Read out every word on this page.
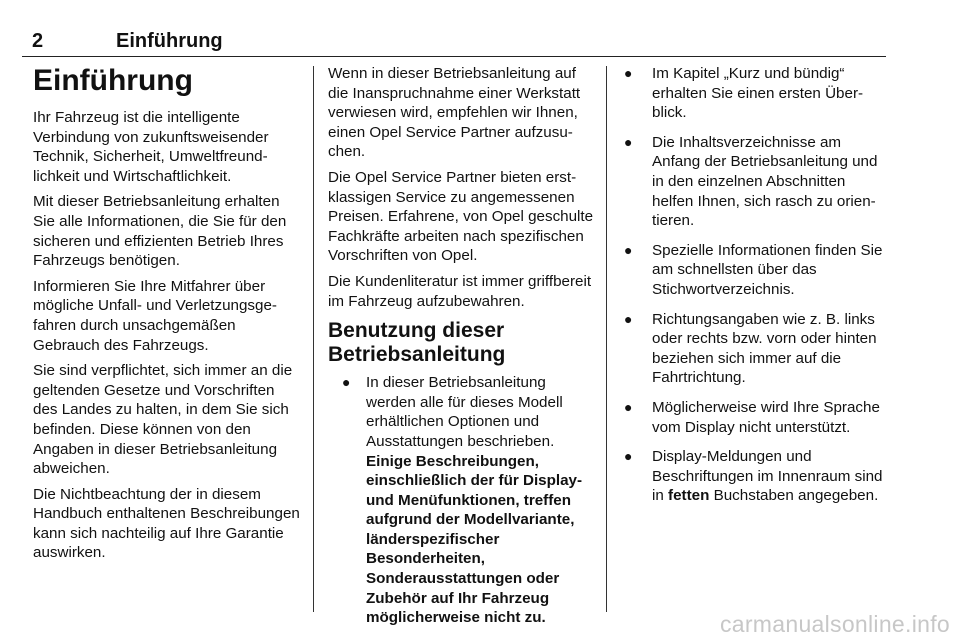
2	Einführung
Einführung

Ihr Fahrzeug ist die intelligente Verbindung von zukunftsweisender Technik, Sicherheit, Umweltfreundlichkeit und Wirtschaftlichkeit.

Mit dieser Betriebsanleitung erhalten Sie alle Informationen, die Sie für den sicheren und effizienten Betrieb Ihres Fahrzeugs benötigen.

Informieren Sie Ihre Mitfahrer über mögliche Unfall- und Verletzungsgefahren durch unsachgemäßen Gebrauch des Fahrzeugs.

Sie sind verpflichtet, sich immer an die geltenden Gesetze und Vorschriften des Landes zu halten, in dem Sie sich befinden. Diese können von den Angaben in dieser Betriebsanleitung abweichen.

Die Nichtbeachtung der in diesem Handbuch enthaltenen Beschreibungen kann sich nachteilig auf Ihre Garantie auswirken.

Wenn in dieser Betriebsanleitung auf die Inanspruchnahme einer Werkstatt verwiesen wird, empfehlen wir Ihnen, einen Opel Service Partner aufzusuchen.

Die Opel Service Partner bieten erstklassigen Service zu angemessenen Preisen. Erfahrene, von Opel geschulte Fachkräfte arbeiten nach spezifischen Vorschriften von Opel.

Die Kundenliteratur ist immer griffbereit im Fahrzeug aufzubewahren.

Benutzung dieser Betriebsanleitung
● In dieser Betriebsanleitung werden alle für dieses Modell erhältlichen Optionen und Ausstattungen beschrieben.
Einige Beschreibungen, einschließlich der für Display- und Menüfunktionen, treffen aufgrund der Modellvariante, länderspezifischer Besonderheiten, Sonderausstattungen oder Zubehör auf Ihr Fahrzeug möglicherweise nicht zu.
● Im Kapitel „Kurz und bündig“ erhalten Sie einen ersten Überblick.
● Die Inhaltsverzeichnisse am Anfang der Betriebsanleitung und in den einzelnen Abschnitten helfen Ihnen, sich rasch zu orientieren.
● Spezielle Informationen finden Sie am schnellsten über das Stichwortverzeichnis.
● Richtungsangaben wie z. B. links oder rechts bzw. vorn oder hinten beziehen sich immer auf die Fahrtrichtung.
● Möglicherweise wird Ihre Sprache vom Display nicht unterstützt.
● Display-Meldungen und Beschriftungen im Innenraum sind in fetten Buchstaben angegeben.
carmanualsonline.info
